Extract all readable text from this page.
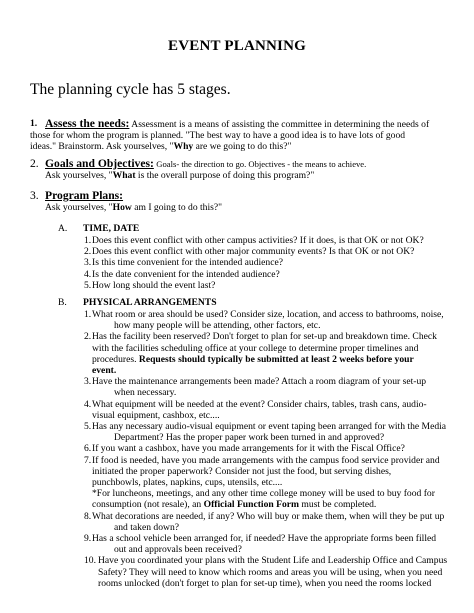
EVENT PLANNING
The planning cycle has 5 stages.
1. Assess the needs: Assessment is a means of assisting the committee in determining the needs of
those for whom the program is planned. "The best way to have a good idea is to have lots of good
ideas." Brainstorm. Ask yourselves, "Why are we going to do this?"
2. Goals and Objectives: Goals- the direction to go. Objectives - the means to achieve.
Ask yourselves, "What is the overall purpose of doing this program?"
3. Program Plans:
Ask yourselves, "How am I going to do this?"
A. TIME, DATE
1. Does this event conflict with other campus activities? If it does, is that OK or not OK?
2. Does this event conflict with other major community events? Is that OK or not OK?
3. Is this time convenient for the intended audience?
4. Is the date convenient for the intended audience?
5. How long should the event last?
B. PHYSICAL ARRANGEMENTS
1. What room or area should be used? Consider size, location, and access to bathrooms, noise,
how many people will be attending, other factors, etc.
2. Has the facility been reserved? Don't forget to plan for set-up and breakdown time. Check
with the facilities scheduling office at your college to determine proper timelines and
procedures. Requests should typically be submitted at least 2 weeks before your
event.
3. Have the maintenance arrangements been made? Attach a room diagram of your set-up
when necessary.
4. What equipment will be needed at the event? Consider chairs, tables, trash cans, audio-
visual equipment, cashbox, etc....
5. Has any necessary audio-visual equipment or event taping been arranged for with the Media
Department? Has the proper paper work been turned in and approved?
6. If you want a cashbox, have you made arrangements for it with the Fiscal Office?
7. If food is needed, have you made arrangements with the campus food service provider and
initiated the proper paperwork? Consider not just the food, but serving dishes,
punchbowls, plates, napkins, cups, utensils, etc....
*For luncheons, meetings, and any other time college money will be used to buy food for
consumption (not resale), an Official Function Form must be completed.
8. What decorations are needed, if any? Who will buy or make them, when will they be put up
and taken down?
9. Has a school vehicle been arranged for, if needed? Have the appropriate forms been filled
out and approvals been received?
10. Have you coordinated your plans with the Student Life and Leadership Office and Campus
Safety? They will need to know which rooms and areas you will be using, when you need
rooms unlocked (don't forget to plan for set-up time), when you need the rooms locked
